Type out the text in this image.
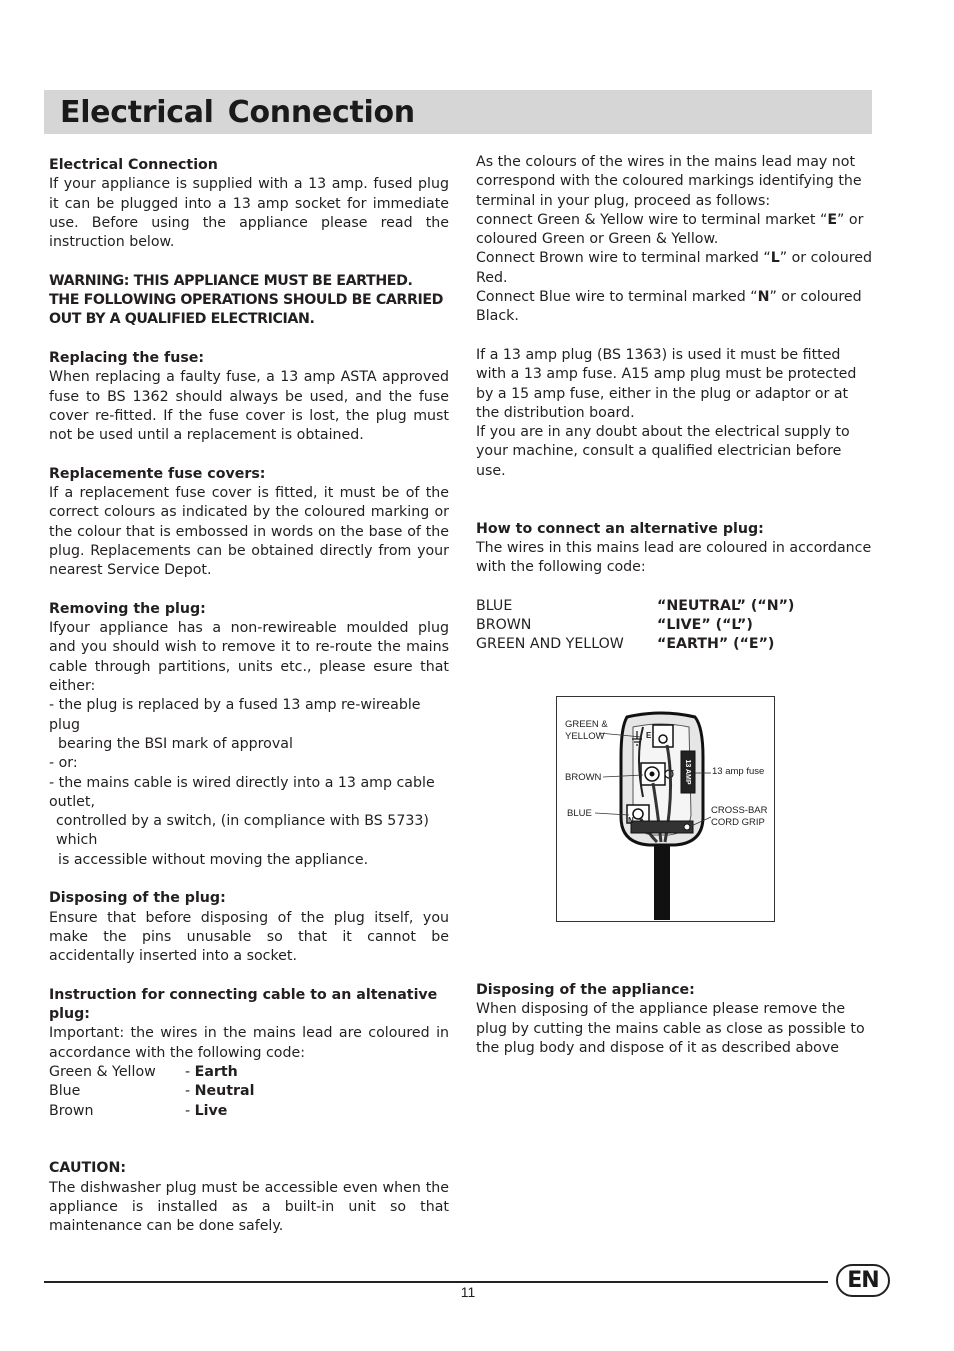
Electrical Connection

Electrical Connection

If your appliance is supplied with a 13 amp. fused plug it can be plugged into a 13 amp socket for immediate use. Before using the appliance please read the instruction below.

WARNING: THIS APPLIANCE MUST BE EARTHED.

THE FOLLOWING OPERATIONS SHOULD BE CARRIED OUT BY A QUALIFIED ELECTRICIAN.

Replacing the fuse:

When replacing a faulty fuse, a 13 amp ASTA approved fuse to BS 1362 should always be used, and the fuse cover re-fitted. If the fuse cover is lost, the plug must not be used until a replacement is obtained.

Replacemente fuse covers:

If a replacement fuse cover is fitted, it must be of the correct colours as indicated by the coloured marking or the colour that is embossed in words on the base of the plug. Replacements can be obtained directly from your nearest Service Depot.

Removing the plug:

Ifyour appliance has a non-rewireable moulded plug and you should wish to remove it to re-route the mains cable through partitions, units etc., please esure that either:

- the plug is replaced by a fused 13 amp re-wireable plug

bearing the BSI mark of approval

- or:

- the mains cable is wired directly into a 13 amp cable outlet,

controlled by a switch, (in compliance with BS 5733) which

is accessible without moving the appliance.

Disposing of the plug:

Ensure that before disposing of the plug itself, you make the pins unusable so that it cannot be accidentally inserted into a socket.

Instruction for connecting cable to an altenative plug:

Important: the wires in the mains lead are coloured in accordance with the following code:

Green & Yellow	- Earth
Blue	- Neutral
Brown	- Live

CAUTION:

The dishwasher plug must be accessible even when the appliance is installed as a built-in unit so that maintenance can be done safely.

As the colours of the wires in the mains lead may not correspond with the coloured markings identifying the terminal in your plug, proceed as follows:

connect Green & Yellow wire to terminal market “E” or coloured Green or Green & Yellow.

Connect Brown wire to terminal marked “L” or coloured Red.

Connect Blue wire to terminal marked “N” or coloured Black.

If a 13 amp plug (BS 1363) is used it must be fitted with a 13 amp fuse. A15 amp plug must be protected by a 15 amp fuse, either in the plug or adaptor or at the distribution board.

If you are in any doubt about the electrical supply to your machine, consult a qualified electrician before use.

How to connect an alternative plug:

The wires in this mains lead are coloured in accordance with the following code:

BLUE	“NEUTRAL” (“N”)
BROWN	“LIVE” (“L”)
GREEN AND YELLOW	“EARTH” (“E”)
GREEN &
YELLOW
BROWN
BLUE
13 amp fuse
CROSS-BAR
CORD GRIP
E
L
N
13 AMP

Disposing of the appliance:

When disposing of the appliance please remove the plug by cutting the mains cable as close as possible to the plug body and dispose of it as described above

11	EN
